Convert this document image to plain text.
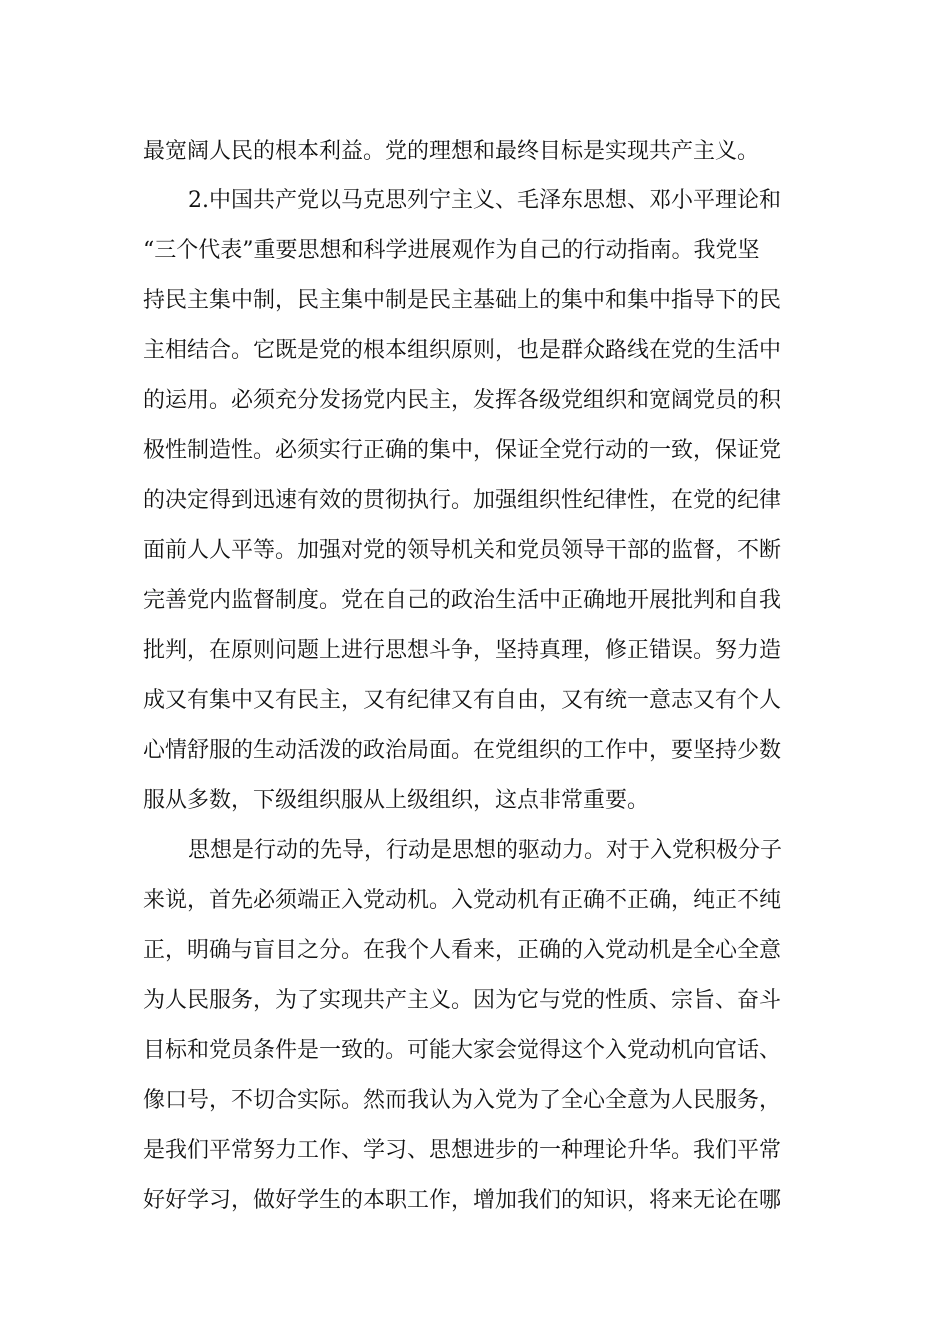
最宽阔人民的根本利益。党的理想和最终目标是实现共产主义。
2.中国共产党以马克思列宁主义、毛泽东思想、邓小平理论和
“三个代表”重要思想和科学进展观作为自己的行动指南。我党坚
持民主集中制，民主集中制是民主基础上的集中和集中指导下的民
主相结合。它既是党的根本组织原则，也是群众路线在党的生活中
的运用。必须充分发扬党内民主，发挥各级党组织和宽阔党员的积
极性制造性。必须实行正确的集中，保证全党行动的一致，保证党
的决定得到迅速有效的贯彻执行。加强组织性纪律性，在党的纪律
面前人人平等。加强对党的领导机关和党员领导干部的监督，不断
完善党内监督制度。党在自己的政治生活中正确地开展批判和自我
批判，在原则问题上进行思想斗争，坚持真理，修正错误。努力造
成又有集中又有民主，又有纪律又有自由，又有统一意志又有个人
心情舒服的生动活泼的政治局面。在党组织的工作中，要坚持少数
服从多数，下级组织服从上级组织，这点非常重要。
思想是行动的先导，行动是思想的驱动力。对于入党积极分子
来说，首先必须端正入党动机。入党动机有正确不正确，纯正不纯
正，明确与盲目之分。在我个人看来，正确的入党动机是全心全意
为人民服务，为了实现共产主义。因为它与党的性质、宗旨、奋斗
目标和党员条件是一致的。可能大家会觉得这个入党动机向官话、
像口号，不切合实际。然而我认为入党为了全心全意为人民服务，
是我们平常努力工作、学习、思想进步的一种理论升华。我们平常
好好学习，做好学生的本职工作，增加我们的知识，将来无论在哪
